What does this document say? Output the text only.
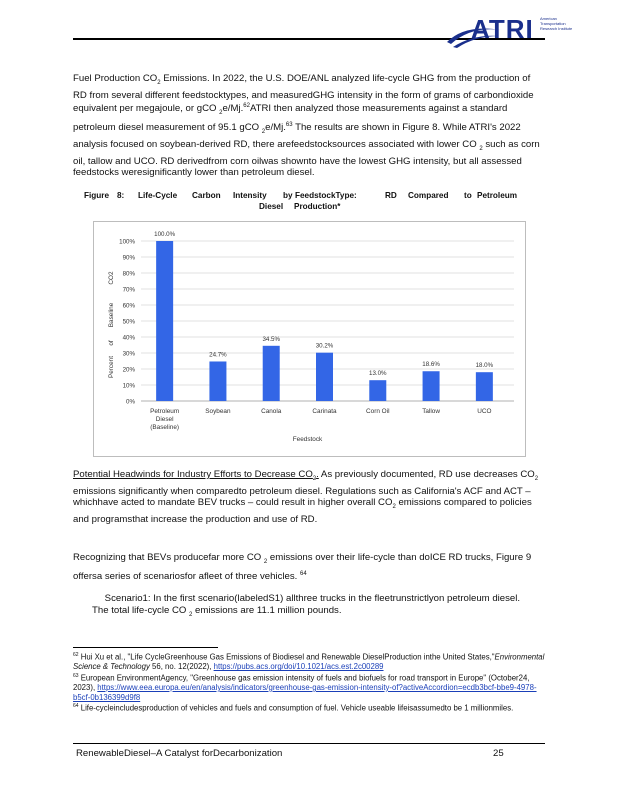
ATRI American Transportation Research Institute

Fuel Production $CO_2$ Emissions. In 2022, the U.S. DOE/ANL analyzed life-cycle GHG from the production of RD from several different feedstocktypes, and measuredGHG intensity in the form of grams of carbondioxide equivalent per megajoule, or gCO $_2$e/Mj.$^{62}$ATRI then analyzed those measurements against a standard petroleum diesel measurement of 95.1 gCO $_2$e/Mj.$^{63}$ The results are shown in Figure 8. While ATRI's 2022 analysis focused on soybean-derived RD, there arefeedstocksources associated with lower CO $_2$ such as corn oil, tallow and UCO. RD derivedfrom corn oilwas shownto have the lowest GHG intensity, but all assessed feedstocks weresignificantly lower than petroleum diesel.

Figure 8: Life-Cycle Carbon Intensity by FeedstockType:	RD Compared to Petroleum
Diesel Production*
0%
10%
20%
30%
40%
50%
60%
70%
80%
90%
100%
100.0%
Petroleum
Diesel
(Baseline)
24.7%
Soybean
34.5%
Canola
30.2%
Carinata
13.0%
Corn Oil
18.6%
Tallow
18.0%
UCO
Feedstock
Percent
of
Baseline
CO2

Potential Headwinds for Industry Efforts to Decrease $CO_2$. As previously documented, RD use decreases $CO_2$ emissions significantly when comparedto petroleum diesel. Regulations such as California's ACF and ACT – whichhave acted to mandate BEV trucks – could result in higher overall $CO_2$ emissions compared to policies and programsthat increase the production and use of RD.

Recognizing that BEVs producefar more CO $_2$ emissions over their life-cycle than doICE RD trucks, Figure 9 offersa series of scenariosfor afleet of three vehicles. $^{64}$

Scenario1: In the first scenario(labeledS1) allthree trucks in the fleetrunstrictlyon petroleum diesel. The total life-cycle CO $_2$ emissions are 11.1 million pounds.

$^{62}$ Hui Xu et al., "Life CycleGreenhouse Gas Emissions of Biodiesel and Renewable DieselProduction inthe United States,"Environmental Science & Technology 56, no. 12(2022), https://pubs.acs.org/doi/10.1021/acs.est.2c00289

$^{63}$ European EnvironmentAgency, "Greenhouse gas emission intensity of fuels and biofuels for road transport in Europe" (October24, 2023), https://www.eea.europa.eu/en/analysis/indicators/greenhouse-gas-emission-intensity-of?activeAccordion=ecdb3bcf-bbe9-4978-b5cf-0b136399d9f8

$^{64}$ Life-cycleincludesproduction of vehicles and fuels and consumption of fuel. Vehicle useable lifeisassumedto be 1 millionmiles.

RenewableDiesel–A Catalyst forDecarbonization	25
